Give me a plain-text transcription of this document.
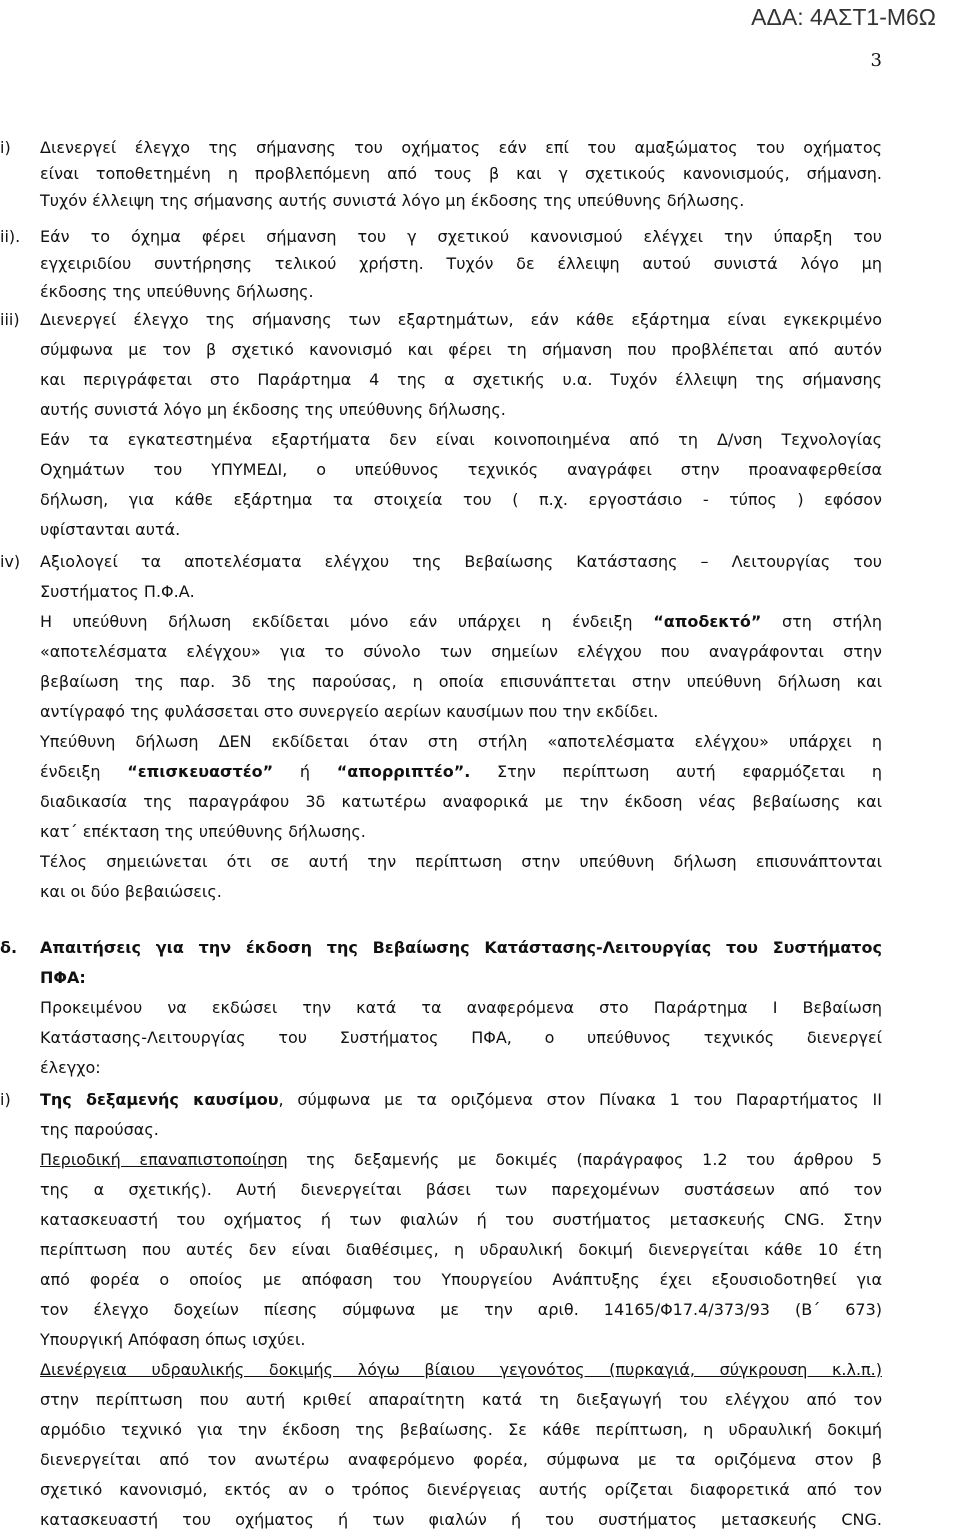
ΑΔΑ: 4ΑΣΤ1-Μ6Ω
3
i) Διενεργεί έλεγχο της σήμανσης του οχήματος εάν επί του αμαξώματος του οχήματος
είναι τοποθετημένη η προβλεπόμενη από τους β και γ σχετικούς κανονισμούς, σήμανση.
Τυχόν έλλειψη της σήμανσης αυτής συνιστά λόγο μη έκδοσης της υπεύθυνης δήλωσης.
ii). Εάν το όχημα φέρει σήμανση του γ σχετικού κανονισμού ελέγχει την ύπαρξη του
εγχειριδίου συντήρησης τελικού χρήστη. Τυχόν δε έλλειψη αυτού συνιστά λόγο μη
έκδοσης της υπεύθυνης δήλωσης.
iii) Διενεργεί έλεγχο της σήμανσης των εξαρτημάτων, εάν κάθε εξάρτημα είναι εγκεκριμένο
σύμφωνα με τον β σχετικό κανονισμό και φέρει τη σήμανση που προβλέπεται από αυτόν
και περιγράφεται στο Παράρτημα 4 της α σχετικής υ.α. Τυχόν έλλειψη της σήμανσης
αυτής συνιστά λόγο μη έκδοσης της υπεύθυνης δήλωσης.
Εάν τα εγκατεστημένα εξαρτήματα δεν είναι κοινοποιημένα από τη Δ/νση Τεχνολογίας
Οχημάτων του ΥΠΥΜΕΔΙ, ο υπεύθυνος τεχνικός αναγράφει στην προαναφερθείσα
δήλωση, για κάθε εξάρτημα τα στοιχεία του ( π.χ. εργοστάσιο - τύπος ) εφόσον
υφίστανται αυτά.
iv) Αξιολογεί τα αποτελέσματα ελέγχου της Βεβαίωσης Κατάστασης – Λειτουργίας του
Συστήματος Π.Φ.Α.
Η υπεύθυνη δήλωση εκδίδεται μόνο εάν υπάρχει η ένδειξη “αποδεκτό” στη στήλη
«αποτελέσματα ελέγχου» για το σύνολο των σημείων ελέγχου που αναγράφονται στην
βεβαίωση της παρ. 3δ της παρούσας, η οποία επισυνάπτεται στην υπεύθυνη δήλωση και
αντίγραφό της φυλάσσεται στο συνεργείο αερίων καυσίμων που την εκδίδει.
Υπεύθυνη δήλωση ΔΕΝ εκδίδεται όταν στη στήλη «αποτελέσματα ελέγχου» υπάρχει η
ένδειξη “επισκευαστέο” ή “απορριπτέο”. Στην περίπτωση αυτή εφαρμόζεται η
διαδικασία της παραγράφου 3δ κατωτέρω αναφορικά με την έκδοση νέας βεβαίωσης και
κατ΄ επέκταση της υπεύθυνης δήλωσης.
Τέλος σημειώνεται ότι σε αυτή την περίπτωση στην υπεύθυνη δήλωση επισυνάπτονται
και οι δύο βεβαιώσεις.
δ. Απαιτήσεις για την έκδοση της Βεβαίωσης Κατάστασης-Λειτουργίας του Συστήματος
ΠΦΑ:
Προκειμένου να εκδώσει την κατά τα αναφερόμενα στο Παράρτημα Ι Βεβαίωση
Κατάστασης-Λειτουργίας του Συστήματος ΠΦΑ, ο υπεύθυνος τεχνικός διενεργεί
έλεγχο:
i) Της δεξαμενής καυσίμου, σύμφωνα με τα οριζόμενα στον Πίνακα 1 του Παραρτήματος ΙΙ
της παρούσας.
Περιοδική επαναπιστοποίηση της δεξαμενής με δοκιμές (παράγραφος 1.2 του άρθρου 5
της α σχετικής). Αυτή διενεργείται βάσει των παρεχομένων συστάσεων από τον
κατασκευαστή του οχήματος ή των φιαλών ή του συστήματος μετασκευής CNG. Στην
περίπτωση που αυτές δεν είναι διαθέσιμες, η υδραυλική δοκιμή διενεργείται κάθε 10 έτη
από φορέα ο οποίος με απόφαση του Υπουργείου Ανάπτυξης έχει εξουσιοδοτηθεί για
τον έλεγχο δοχείων πίεσης σύμφωνα με την αριθ. 14165/Φ17.4/373/93 (Β΄ 673)
Υπουργική Απόφαση όπως ισχύει.
Διενέργεια υδραυλικής δοκιμής λόγω βίαιου γεγονότος (πυρκαγιά, σύγκρουση κ.λ.π.)
στην περίπτωση που αυτή κριθεί απαραίτητη κατά τη διεξαγωγή του ελέγχου από τον
αρμόδιο τεχνικό για την έκδοση της βεβαίωσης. Σε κάθε περίπτωση, η υδραυλική δοκιμή
διενεργείται από τον ανωτέρω αναφερόμενο φορέα, σύμφωνα με τα οριζόμενα στον β
σχετικό κανονισμό, εκτός αν ο τρόπος διενέργειας αυτής ορίζεται διαφορετικά από τον
κατασκευαστή του οχήματος ή των φιαλών ή του συστήματος μετασκευής CNG.
